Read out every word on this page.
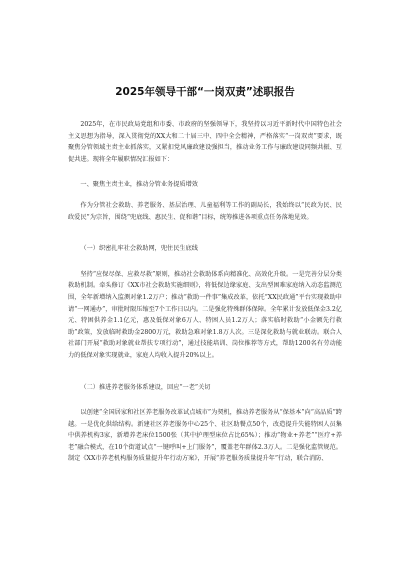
2025年领导干部“一岗双责”述职报告

2025年，在市民政局党组和市委、市政府的坚强领导下，我坚持以习近平新时代中国特色社会主义思想为指导，深入贯彻党的XX大和二十届三中、四中全会精神，严格落实“一岗双责”要求，既聚焦分管领域主责主业抓落实，又紧扣党风廉政建设强担当，推动业务工作与廉政建设同频共振、互促共进。现将全年履职情况汇报如下：

一、聚焦主责主业，推动分管业务提质增效

作为分管社会救助、养老服务、基层治理、儿童福利等工作的副局长，我始终以“民政为民、民政爱民”为宗旨，围绕“兜底线、惠民生、促和谐”目标，统筹推进各项重点任务落地见效。

（一）织密扎牢社会救助网，兜住民生底线

坚持“应保尽保、应救尽救”原则，推动社会救助体系向精准化、高效化升级。一是完善分层分类救助机制。牵头修订《XX市社会救助实施细则》，将低保边缘家庭、支出型困难家庭纳入动态监测范围，全年新增纳入监测对象1.2万户；推动“救助一件事”集成改革，依托“XX民政通”平台实现救助申请“一网通办”，审批时限压缩至7个工作日以内。二是强化特殊群体保障。全年累计发放低保金3.2亿元、特困供养金1.1亿元，惠及低保对象6万人、特困人员1.2万人；落实临时救助“小金额先行救助”政策，发放临时救助金2800万元，救助急难对象1.8万人次。三是深化救助与就业联动。联合人社部门开展“救助对象就业帮扶专项行动”，通过技能培训、岗位推荐等方式，帮助1200名有劳动能力的低保对象实现就业，家庭人均收入提升20%以上。

（二）推进养老服务体系建设，回应“一老”关切

以创建“全国居家和社区养老服务改革试点城市”为契机，推动养老服务从“保基本”向“高品质”跨越。一是优化供给结构。新建社区养老服务中心25个、社区助餐点50个，改造提升失能特困人员集中供养机构3家，新增养老床位1500张（其中护理型床位占比65%）；推动“物业+养老”“医疗+养老”融合模式，在10个街道试点“一键呼叫+上门服务”，覆盖老年群体2.3万人。二是强化监管规范。制定《XX市养老机构服务质量提升年行动方案》，开展“养老服务质量提升年”行动，联合消防、
